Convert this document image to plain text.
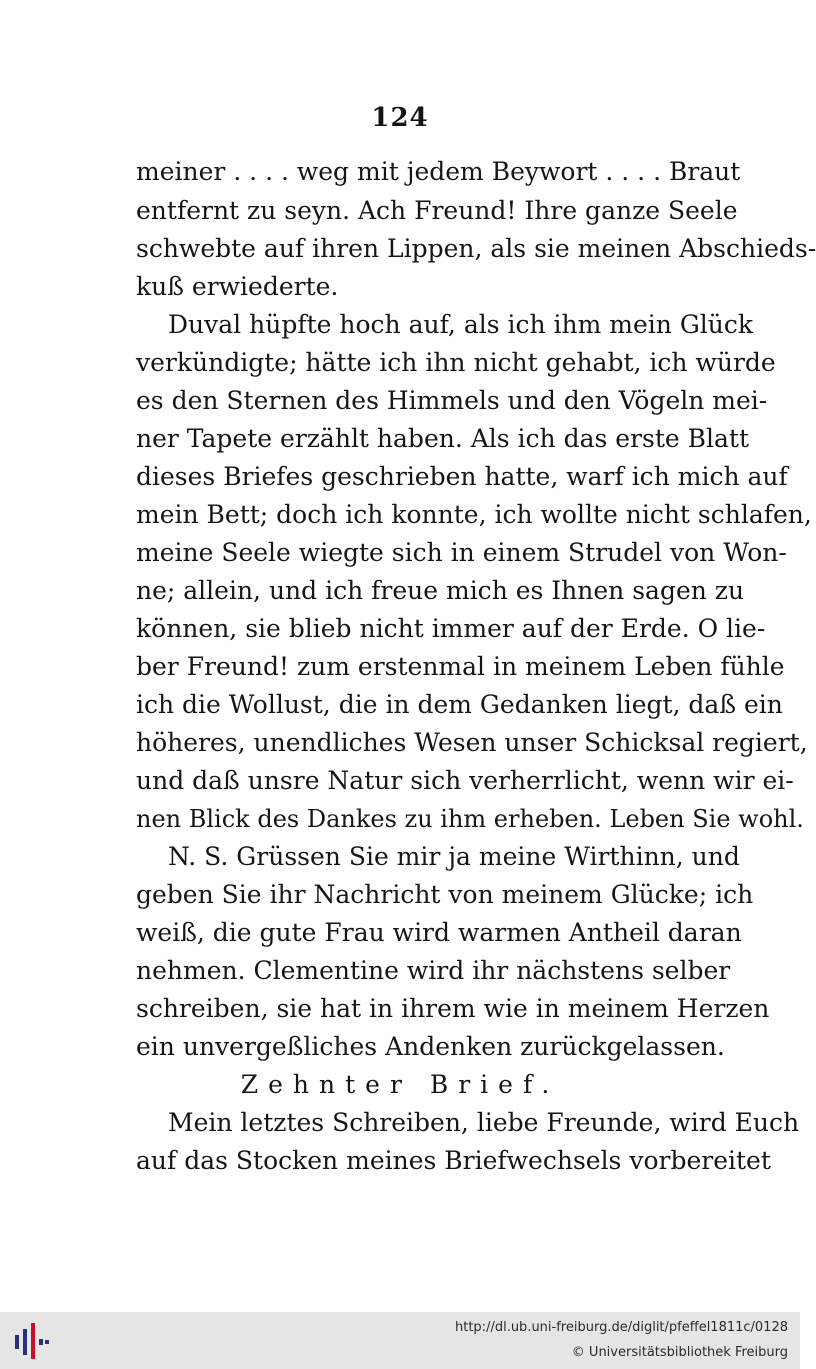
124
meiner . . . . weg mit jedem Beywort . . . . Braut
entfernt zu seyn. Ach Freund! Ihre ganze Seele
schwebte auf ihren Lippen, als sie meinen Abschieds-
kuß erwiederte.
Duval hüpfte hoch auf, als ich ihm mein Glück
verkündigte; hätte ich ihn nicht gehabt, ich würde
es den Sternen des Himmels und den Vögeln mei-
ner Tapete erzählt haben. Als ich das erste Blatt
dieses Briefes geschrieben hatte, warf ich mich auf
mein Bett; doch ich konnte, ich wollte nicht schlafen,
meine Seele wiegte sich in einem Strudel von Won-
ne; allein, und ich freue mich es Ihnen sagen zu
können, sie blieb nicht immer auf der Erde. O lie-
ber Freund! zum erstenmal in meinem Leben fühle
ich die Wollust, die in dem Gedanken liegt, daß ein
höheres, unendliches Wesen unser Schicksal regiert,
und daß unsre Natur sich verherrlicht, wenn wir ei-
nen Blick des Dankes zu ihm erheben. Leben Sie wohl.
N. S. Grüssen Sie mir ja meine Wirthinn, und
geben Sie ihr Nachricht von meinem Glücke; ich
weiß, die gute Frau wird warmen Antheil daran
nehmen. Clementine wird ihr nächstens selber
schreiben, sie hat in ihrem wie in meinem Herzen
ein unvergeßliches Andenken zurückgelassen.
Zehnter Brief.
Mein letztes Schreiben, liebe Freunde, wird Euch
auf das Stocken meines Briefwechsels vorbereitet
http://dl.ub.uni-freiburg.de/diglit/pfeffel1811c/0128
© Universitätsbibliothek Freiburg
